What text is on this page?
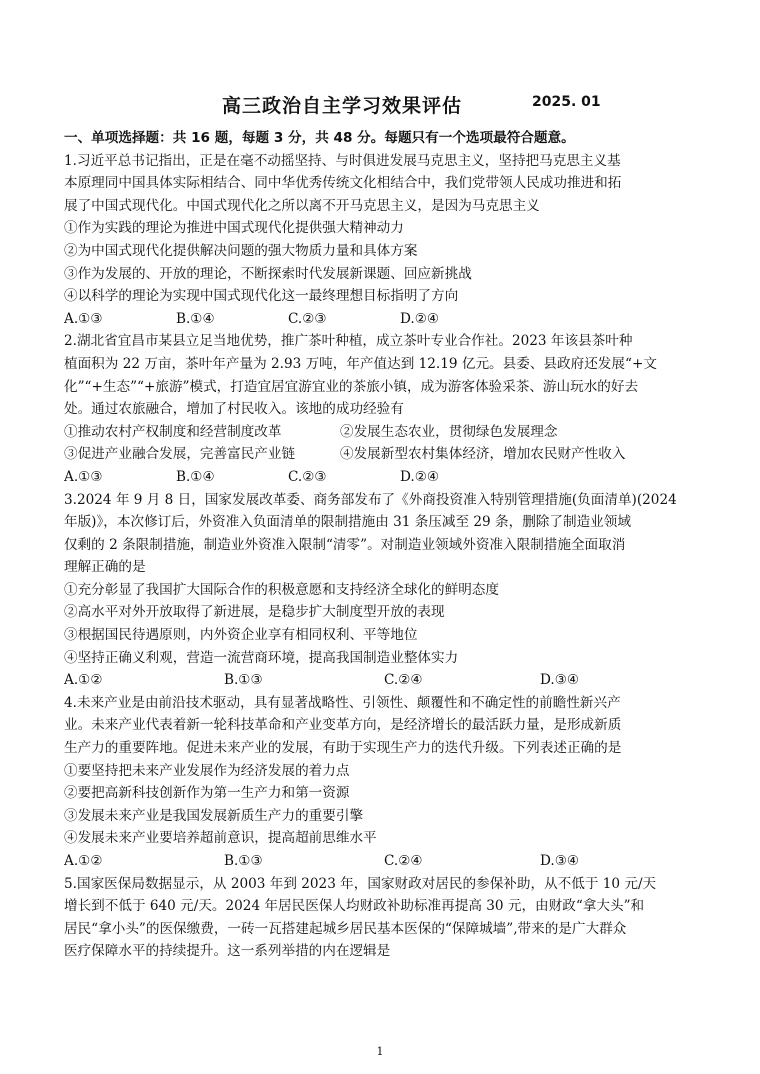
高三政治自主学习效果评估	2025. 01
一、单项选择题：共 16 题，每题 3 分，共 48 分。每题只有一个选项最符合题意。
1.习近平总书记指出，正是在毫不动摇坚持、与时俱进发展马克思主义，坚持把马克思主义基
本原理同中国具体实际相结合、同中华优秀传统文化相结合中，我们党带领人民成功推进和拓
展了中国式现代化。中国式现代化之所以离不开马克思主义，是因为马克思主义
①作为实践的理论为推进中国式现代化提供强大精神动力
②为中国式现代化提供解决问题的强大物质力量和具体方案
③作为发展的、开放的理论，不断探索时代发展新课题、回应新挑战
④以科学的理论为实现中国式现代化这一最终理想目标指明了方向
A.①③	B.①④	C.②③	D.②④
2.湖北省宜昌市某县立足当地优势，推广茶叶种植，成立茶叶专业合作社。2023 年该县茶叶种
植面积为 22 万亩，茶叶年产量为 2.93 万吨，年产值达到 12.19 亿元。县委、县政府还发展“+文
化”“+生态”“+旅游”模式，打造宜居宜游宜业的茶旅小镇，成为游客体验采茶、游山玩水的好去
处。通过农旅融合，增加了村民收入。该地的成功经验有
①推动农村产权制度和经营制度改革	②发展生态农业，贯彻绿色发展理念
③促进产业融合发展，完善富民产业链	④发展新型农村集体经济，增加农民财产性收入
A.①③	B.①④	C.②③	D.②④
3.2024 年 9 月 8 日，国家发展改革委、商务部发布了《外商投资准入特别管理措施(负面清单)(2024
年版)》，本次修订后，外资准入负面清单的限制措施由 31 条压减至 29 条，删除了制造业领域
仅剩的 2 条限制措施，制造业外资准入限制“清零”。对制造业领域外资准入限制措施全面取消
理解正确的是
①充分彰显了我国扩大国际合作的积极意愿和支持经济全球化的鲜明态度
②高水平对外开放取得了新进展，是稳步扩大制度型开放的表现
③根据国民待遇原则，内外资企业享有相同权利、平等地位
④坚持正确义利观，营造一流营商环境，提高我国制造业整体实力
A.①②	B.①③	C.②④	D.③④
4.未来产业是由前沿技术驱动，具有显著战略性、引领性、颠覆性和不确定性的前瞻性新兴产
业。未来产业代表着新一轮科技革命和产业变革方向，是经济增长的最活跃力量，是形成新质
生产力的重要阵地。促进未来产业的发展，有助于实现生产力的迭代升级。下列表述正确的是
①要坚持把未来产业发展作为经济发展的着力点
②要把高新科技创新作为第一生产力和第一资源
③发展未来产业是我国发展新质生产力的重要引擎
④发展未来产业要培养超前意识，提高超前思维水平
A.①②	B.①③	C.②④	D.③④
5.国家医保局数据显示，从 2003 年到 2023 年，国家财政对居民的参保补助，从不低于 10 元/天
增长到不低于 640 元/天。2024 年居民医保人均财政补助标准再提高 30 元，由财政“拿大头”和
居民“拿小头”的医保缴费，一砖一瓦搭建起城乡居民基本医保的“保障城墙”,带来的是广大群众
医疗保障水平的持续提升。这一系列举措的内在逻辑是
1
